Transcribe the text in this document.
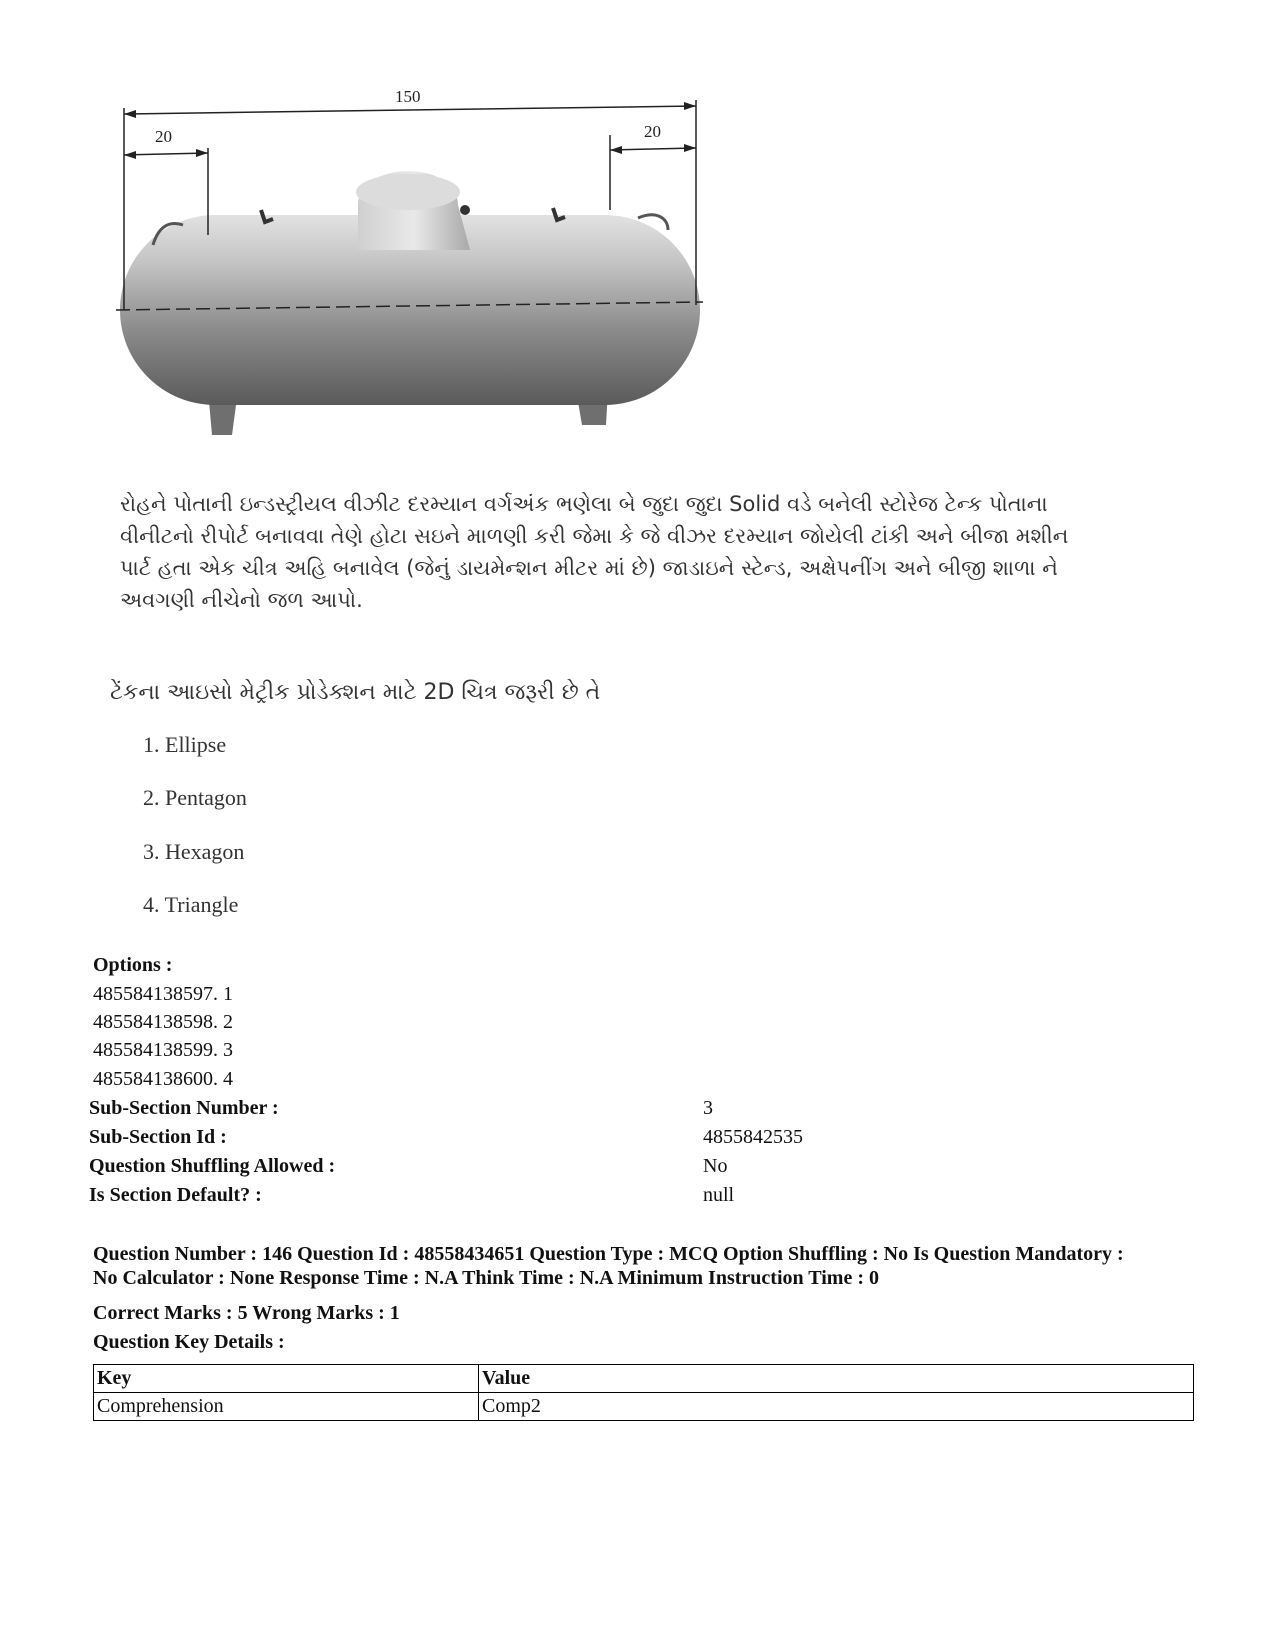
150
20	20
રોહને પોતાની ઇન્ડસ્ટ્રીયલ વીઝીટ દરમ્યાન વર્ગઅંક ભણેલા બે જુદા જુદા Solid વડે બનેલી સ્ટોરેજ ટેન્ક પોતાના
વીનીટનો રીપોર્ટ બનાવવા તેણે હોટા સઇને માળણી કરી જેમા કે જે વીઝર દરમ્યાન જોયેલી ટાંકી અને બીજા મશીન
પાર્ટ હતા એક ચીત્ર અહિ બનાવેલ (જેનું ડાયમેન્શન મીટર માં છે) જાડાઇને સ્ટેન્ડ, અક્ષેપનીંગ અને બીજી શાળા ને
અવગણી નીચેનો જળ આપો.
ટેંકના આઇસો મેટ્રીક પ્રોડેક્શન માટે 2D ચિત્ર જરૂરી છે તે
1. Ellipse
2. Pentagon
3. Hexagon
4. Triangle
Options :
485584138597. 1
485584138598. 2
485584138599. 3
485584138600. 4
Sub-Section Number :	3
Sub-Section Id :	4855842535
Question Shuffling Allowed :	No
Is Section Default? :	null
Question Number : 146 Question Id : 48558434651 Question Type : MCQ Option Shuffling : No Is Question Mandatory :
No Calculator : None Response Time : N.A Think Time : N.A Minimum Instruction Time : 0
Correct Marks : 5 Wrong Marks : 1
Question Key Details :
Key	Value
Comprehension	Comp2
